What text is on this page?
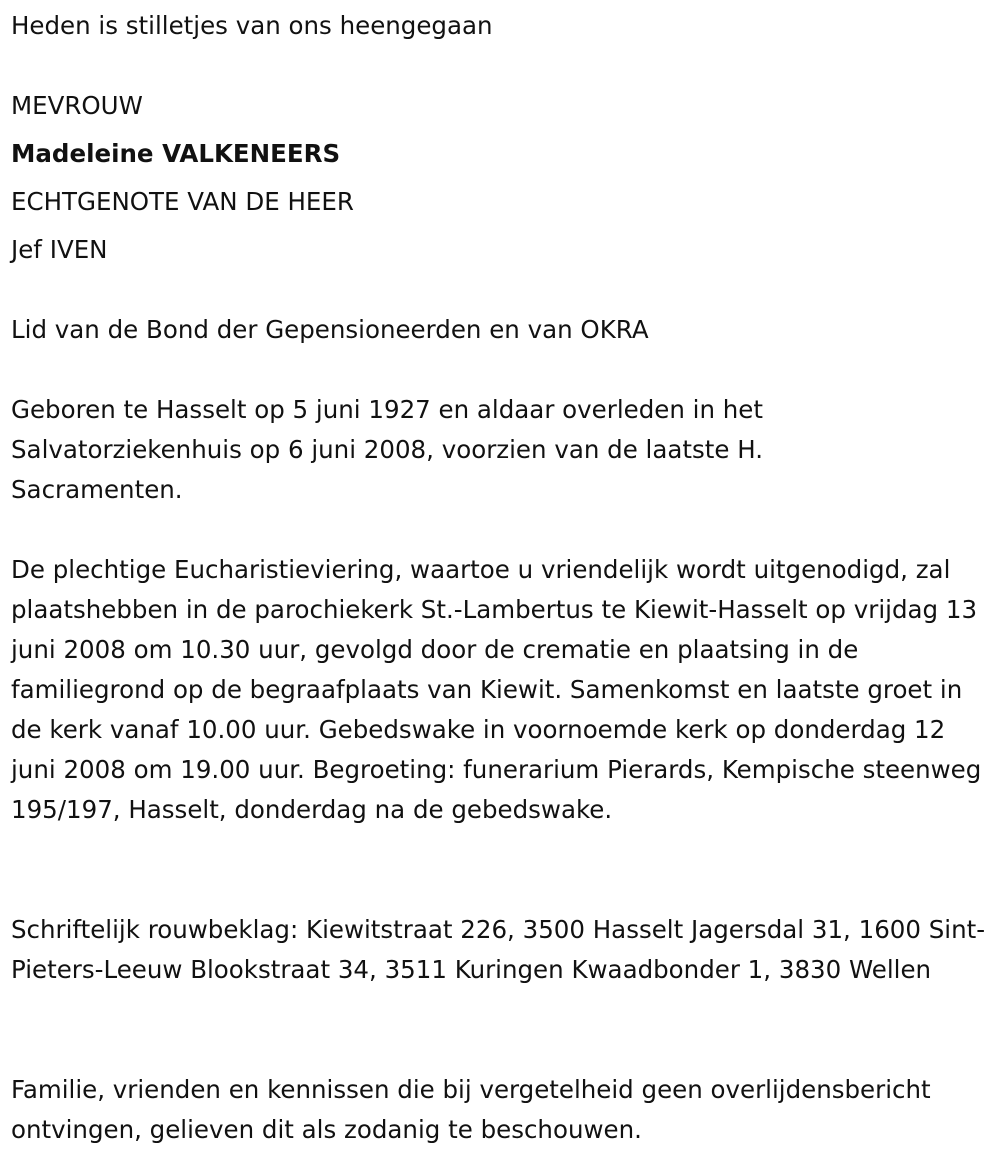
Heden is stilletjes van ons heengegaan

MEVROUW

Madeleine VALKENEERS

ECHTGENOTE VAN DE HEER

Jef IVEN

Lid van de Bond der Gepensioneerden en van OKRA

Geboren te Hasselt op 5 juni 1927 en aldaar overleden in het Salvatorziekenhuis op 6 juni 2008, voorzien van de laatste H. Sacramenten.

De plechtige Eucharistieviering, waartoe u vriendelijk wordt uitgenodigd, zal plaatshebben in de parochiekerk St.-Lambertus te Kiewit-Hasselt op vrijdag 13 juni 2008 om 10.30 uur, gevolgd door de crematie en plaatsing in de familiegrond op de begraafplaats van Kiewit. Samenkomst en laatste groet in de kerk vanaf 10.00 uur. Gebedswake in voornoemde kerk op donderdag 12 juni 2008 om 19.00 uur. Begroeting: funerarium Pierards, Kempische steenweg 195/197, Hasselt, donderdag na de gebedswake.

Schriftelijk rouwbeklag: Kiewitstraat 226, 3500 Hasselt Jagersdal 31, 1600 Sint-Pieters-Leeuw Blookstraat 34, 3511 Kuringen Kwaadbonder 1, 3830 Wellen

Familie, vrienden en kennissen die bij vergetelheid geen overlijdensbericht ontvingen, gelieven dit als zodanig te beschouwen.
